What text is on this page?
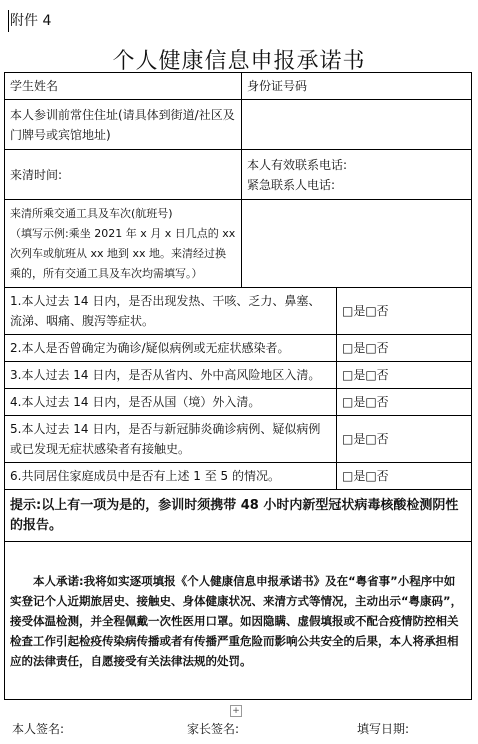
附件 4
个人健康信息申报承诺书
学生姓名	身份证号码	
本人参训前常住住址(请具体到街道/社区及门牌号或宾馆地址)		
来清时间:	本人有效联系电话:
紧急联系人电话:	

来清所乘交通工具及车次(航班号)
（填写示例:乘坐 2021 年 x 月 x 日几点的 xx 次列车或航班从 xx 地到 xx 地。来清经过换乘的，所有交通工具及车次均需填写。）		

1.本人过去 14 日内，是否出现发热、干咳、乏力、鼻塞、流涕、咽痛、腹泻等症状。		□是□否
2.本人是否曾确定为确诊/疑似病例或无症状感染者。		□是□否
3.本人过去 14 日内，是否从省内、外中高风险地区入清。		□是□否
4.本人过去 14 日内，是否从国（境）外入清。		□是□否
5.本人过去 14 日内，是否与新冠肺炎确诊病例、疑似病例或已发现无症状感染者有接触史。		□是□否
6.共同居住家庭成员中是否有上述 1 至 5 的情况。		□是□否
提示:以上有一项为是的，参训时须携带 48 小时内新型冠状病毒核酸检测阴性的报告。		
本人承诺:我将如实逐项填报《个人健康信息申报承诺书》及在“粤省事”小程序中如实登记个人近期旅居史、接触史、身体健康状况、来清方式等情况，主动出示“粤康码”，接受体温检测，并全程佩戴一次性医用口罩。如因隐瞒、虚假填报或不配合疫情防控相关检查工作引起检疫传染病传播或者有传播严重危险而影响公共安全的后果，本人将承担相应的法律责任，自愿接受有关法律法规的处罚。		
+
本人签名:	家长签名:	填写日期:
